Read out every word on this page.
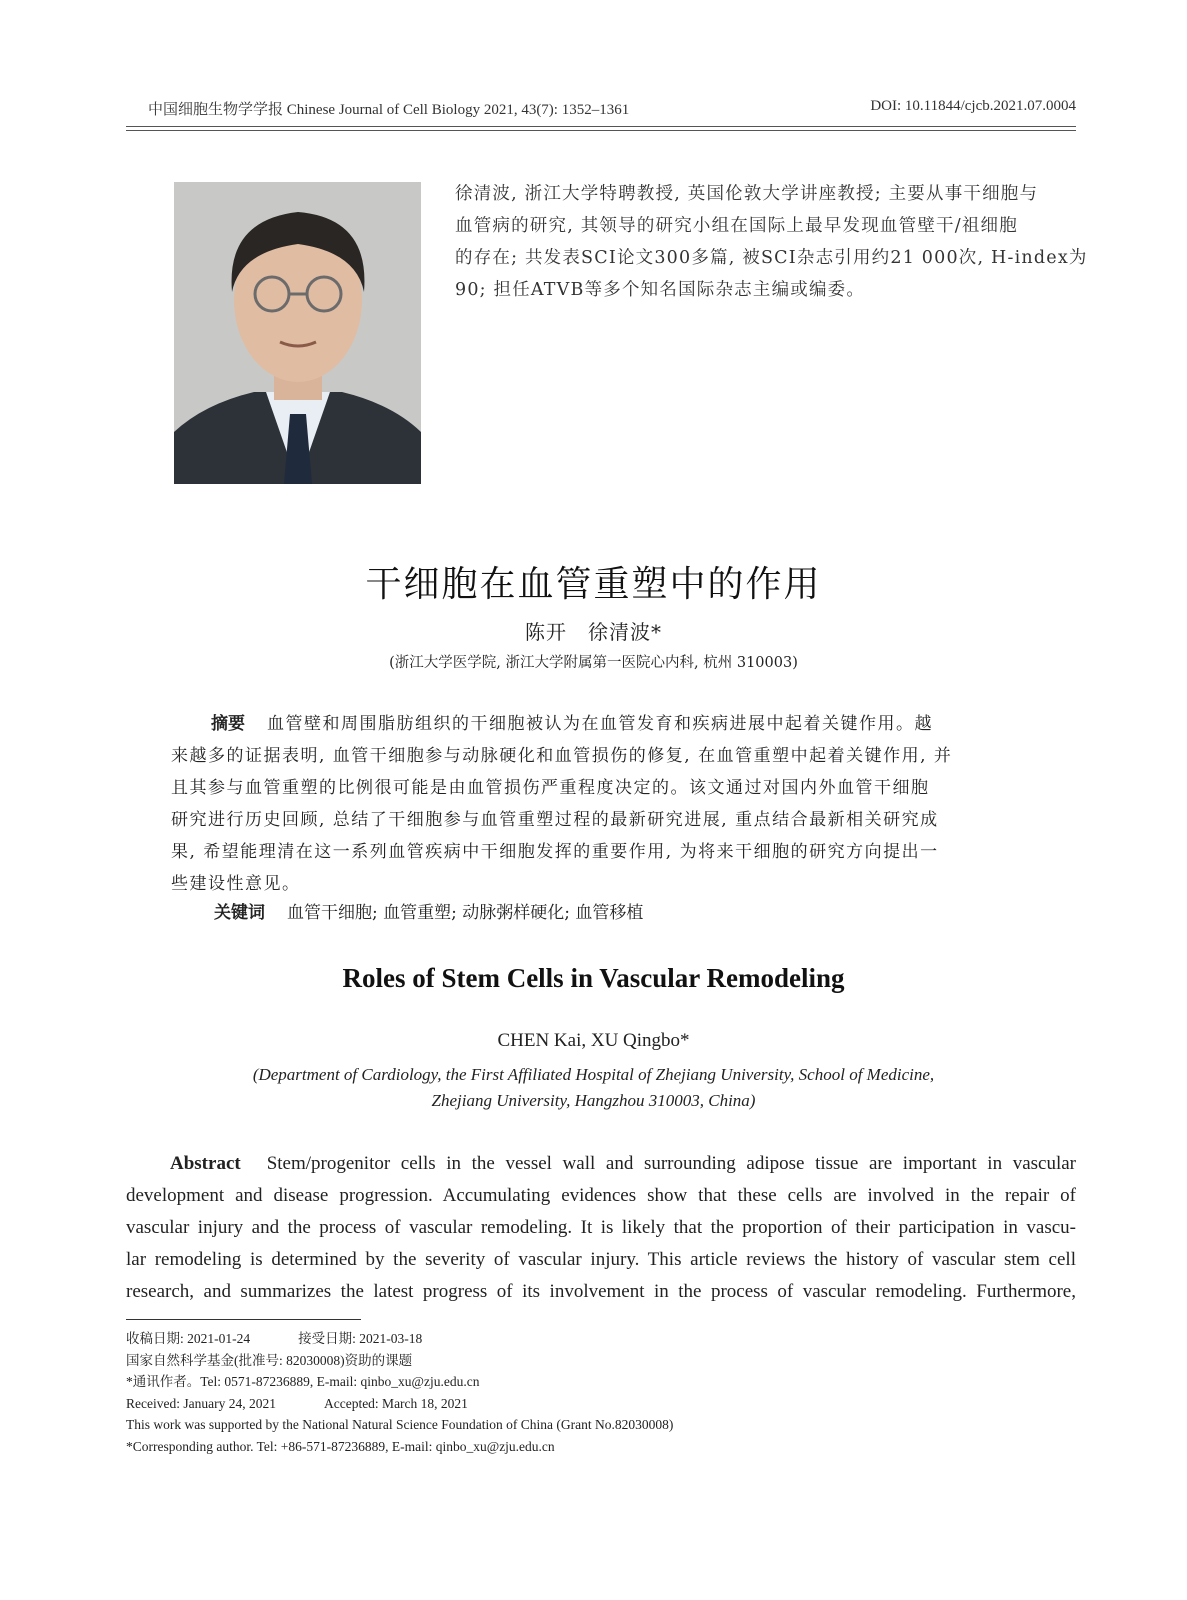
中国细胞生物学学报 Chinese Journal of Cell Biology 2021, 43(7): 1352–1361	DOI: 10.11844/cjcb.2021.07.0004
徐清波, 浙江大学特聘教授, 英国伦敦大学讲座教授; 主要从事干细胞与
血管病的研究, 其领导的研究小组在国际上最早发现血管壁干/祖细胞
的存在; 共发表SCI论文300多篇, 被SCI杂志引用约21 000次, H-index为
90; 担任ATVB等多个知名国际杂志主编或编委。
干细胞在血管重塑中的作用
陈开　徐清波*
(浙江大学医学院, 浙江大学附属第一医院心内科, 杭州 310003)
摘要 血管壁和周围脂肪组织的干细胞被认为在血管发育和疾病进展中起着关键作用。越
来越多的证据表明, 血管干细胞参与动脉硬化和血管损伤的修复, 在血管重塑中起着关键作用, 并
且其参与血管重塑的比例很可能是由血管损伤严重程度决定的。该文通过对国内外血管干细胞
研究进行历史回顾, 总结了干细胞参与血管重塑过程的最新研究进展, 重点结合最新相关研究成
果, 希望能理清在这一系列血管疾病中干细胞发挥的重要作用, 为将来干细胞的研究方向提出一
些建设性意见。
关键词 血管干细胞; 血管重塑; 动脉粥样硬化; 血管移植
Roles of Stem Cells in Vascular Remodeling
CHEN Kai, XU Qingbo*
(Department of Cardiology, the First Affiliated Hospital of Zhejiang University, School of Medicine,
Zhejiang University, Hangzhou 310003, China)
Abstract Stem/progenitor cells in the vessel wall and surrounding adipose tissue are important in vascular
development and disease progression. Accumulating evidences show that these cells are involved in the repair of
vascular injury and the process of vascular remodeling. It is likely that the proportion of their participation in vascu-
lar remodeling is determined by the severity of vascular injury. This article reviews the history of vascular stem cell
research, and summarizes the latest progress of its involvement in the process of vascular remodeling. Furthermore,
收稿日期: 2021-01-24	接受日期: 2021-03-18
国家自然科学基金(批准号: 82030008)资助的课题
*通讯作者。Tel: 0571-87236889, E-mail: qinbo_xu@zju.edu.cn
Received: January 24, 2021	Accepted: March 18, 2021
This work was supported by the National Natural Science Foundation of China (Grant No.82030008)
*Corresponding author. Tel: +86-571-87236889, E-mail: qinbo_xu@zju.edu.cn
